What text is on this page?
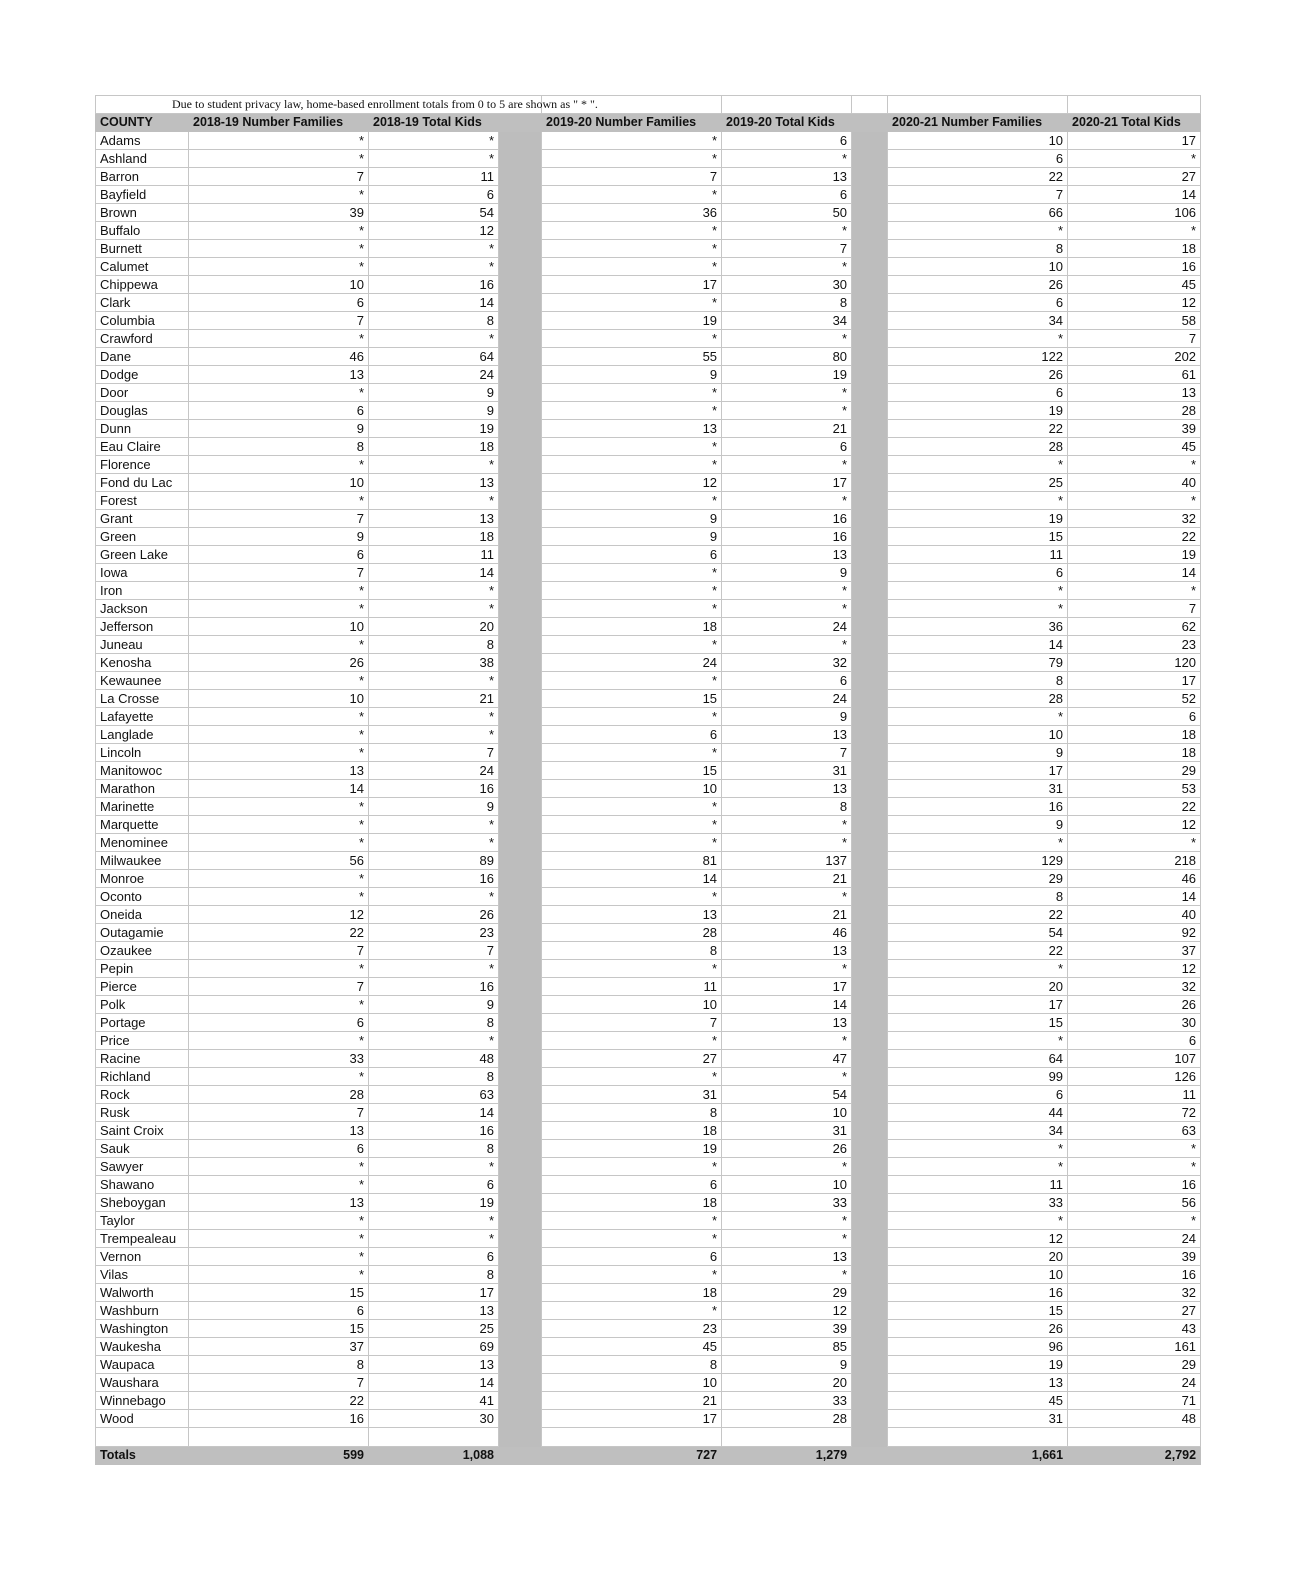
Due to student privacy law, home-based enrollment totals from 0 to 5 are shown as " * ".								
COUNTY	2018-19 Number Families	2018-19 Total Kids		2019-20 Number Families	2019-20 Total Kids		2020-21 Number Families	2020-21 Total Kids
Adams	*	*		*	6		10	17
Ashland	*	*		*	*		6	*
Barron	7	11		7	13		22	27
Bayfield	*	6		*	6		7	14
Brown	39	54		36	50		66	106
Buffalo	*	12		*	*		*	*
Burnett	*	*		*	7		8	18
Calumet	*	*		*	*		10	16
Chippewa	10	16		17	30		26	45
Clark	6	14		*	8		6	12
Columbia	7	8		19	34		34	58
Crawford	*	*		*	*		*	7
Dane	46	64		55	80		122	202
Dodge	13	24		9	19		26	61
Door	*	9		*	*		6	13
Douglas	6	9		*	*		19	28
Dunn	9	19		13	21		22	39
Eau Claire	8	18		*	6		28	45
Florence	*	*		*	*		*	*
Fond du Lac	10	13		12	17		25	40
Forest	*	*		*	*		*	*
Grant	7	13		9	16		19	32
Green	9	18		9	16		15	22
Green Lake	6	11		6	13		11	19
Iowa	7	14		*	9		6	14
Iron	*	*		*	*		*	*
Jackson	*	*		*	*		*	7
Jefferson	10	20		18	24		36	62
Juneau	*	8		*	*		14	23
Kenosha	26	38		24	32		79	120
Kewaunee	*	*		*	6		8	17
La Crosse	10	21		15	24		28	52
Lafayette	*	*		*	9		*	6
Langlade	*	*		6	13		10	18
Lincoln	*	7		*	7		9	18
Manitowoc	13	24		15	31		17	29
Marathon	14	16		10	13		31	53
Marinette	*	9		*	8		16	22
Marquette	*	*		*	*		9	12
Menominee	*	*		*	*		*	*
Milwaukee	56	89		81	137		129	218
Monroe	*	16		14	21		29	46
Oconto	*	*		*	*		8	14
Oneida	12	26		13	21		22	40
Outagamie	22	23		28	46		54	92
Ozaukee	7	7		8	13		22	37
Pepin	*	*		*	*		*	12
Pierce	7	16		11	17		20	32
Polk	*	9		10	14		17	26
Portage	6	8		7	13		15	30
Price	*	*		*	*		*	6
Racine	33	48		27	47		64	107
Richland	*	8		*	*		99	126
Rock	28	63		31	54		6	11
Rusk	7	14		8	10		44	72
Saint Croix	13	16		18	31		34	63
Sauk	6	8		19	26		*	*
Sawyer	*	*		*	*		*	*
Shawano	*	6		6	10		11	16
Sheboygan	13	19		18	33		33	56
Taylor	*	*		*	*		*	*
Trempealeau	*	*		*	*		12	24
Vernon	*	6		6	13		20	39
Vilas	*	8		*	*		10	16
Walworth	15	17		18	29		16	32
Washburn	6	13		*	12		15	27
Washington	15	25		23	39		26	43
Waukesha	37	69		45	85		96	161
Waupaca	8	13		8	9		19	29
Waushara	7	14		10	20		13	24
Winnebago	22	41		21	33		45	71
Wood	16	30		17	28		31	48

Totals	599	1,088		727	1,279		1,661	2,792
